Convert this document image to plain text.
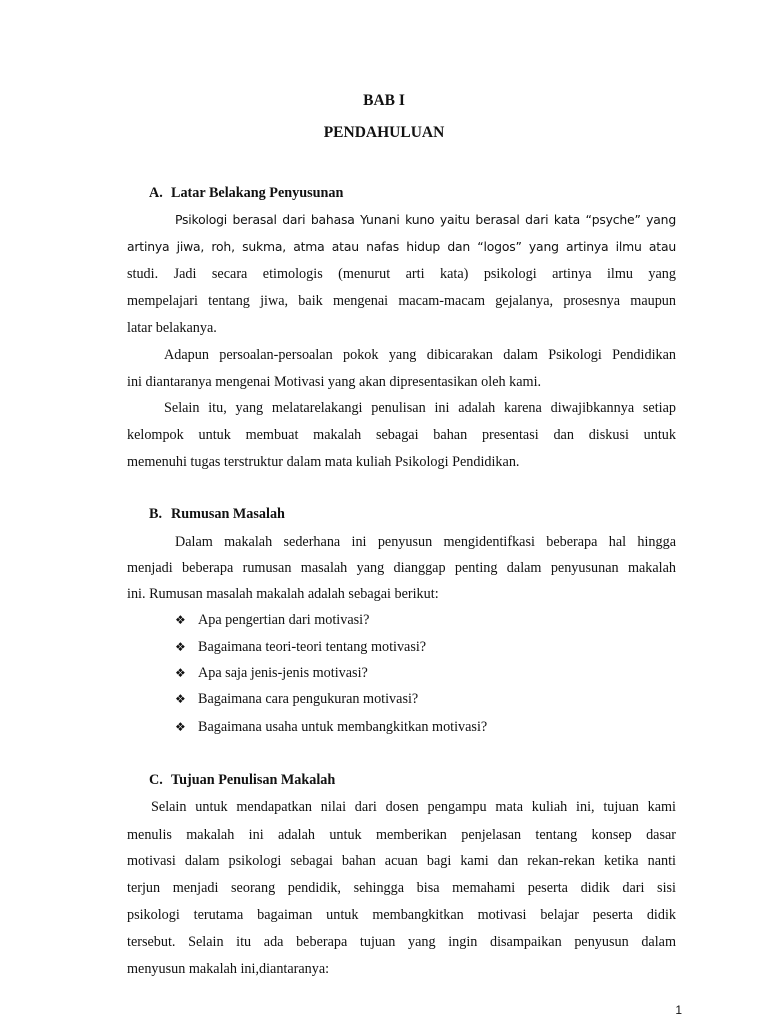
BAB I
PENDAHULUAN
A. Latar Belakang Penyusunan
Psikologi berasal dari bahasa Yunani kuno yaitu berasal dari kata “psyche” yang
artinya jiwa, roh, sukma, atma atau nafas hidup dan “logos” yang artinya ilmu atau
studi. Jadi secara etimologis (menurut arti kata) psikologi artinya ilmu yang
mempelajari tentang jiwa, baik mengenai macam-macam gejalanya, prosesnya maupun
latar belakanya.
Adapun persoalan-persoalan pokok yang dibicarakan dalam Psikologi Pendidikan
ini diantaranya mengenai Motivasi yang akan dipresentasikan oleh kami.
Selain itu, yang melatarelakangi penulisan ini adalah karena diwajibkannya setiap
kelompok untuk membuat makalah sebagai bahan presentasi dan diskusi untuk
memenuhi tugas terstruktur dalam mata kuliah Psikologi Pendidikan.
B. Rumusan Masalah
Dalam makalah sederhana ini penyusun mengidentifkasi beberapa hal hingga
menjadi beberapa rumusan masalah yang dianggap penting dalam penyusunan makalah
ini. Rumusan masalah makalah adalah sebagai berikut:
❖ Apa pengertian dari motivasi?
❖ Bagaimana teori-teori tentang motivasi?
❖ Apa saja jenis-jenis motivasi?
❖ Bagaimana cara pengukuran motivasi?
❖ Bagaimana usaha untuk membangkitkan motivasi?
C. Tujuan Penulisan Makalah
Selain untuk mendapatkan nilai dari dosen pengampu mata kuliah ini, tujuan kami
menulis makalah ini adalah untuk memberikan penjelasan tentang konsep dasar
motivasi dalam psikologi sebagai bahan acuan bagi kami dan rekan-rekan ketika nanti
terjun menjadi seorang pendidik, sehingga bisa memahami peserta didik dari sisi
psikologi terutama bagaiman untuk membangkitkan motivasi belajar peserta didik
tersebut. Selain itu ada beberapa tujuan yang ingin disampaikan penyusun dalam
menyusun makalah ini,diantaranya:
1
